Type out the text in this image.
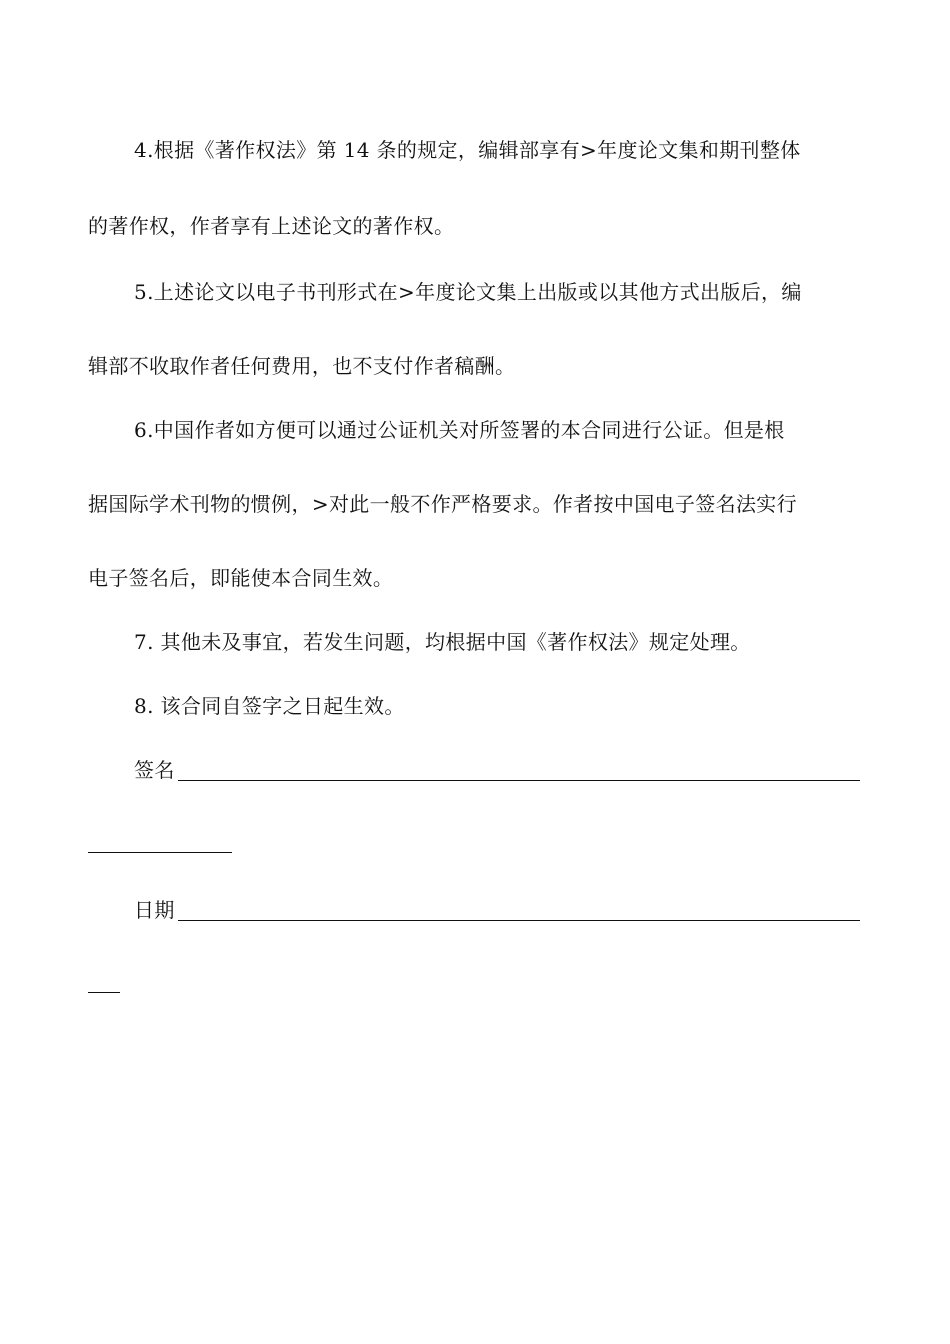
4.根据《著作权法》第 14 条的规定，编辑部享有>年度论文集和期刊整体
的著作权，作者享有上述论文的著作权。
5.上述论文以电子书刊形式在>年度论文集上出版或以其他方式出版后，编
辑部不收取作者任何费用，也不支付作者稿酬。
6.中国作者如方便可以通过公证机关对所签署的本合同进行公证。但是根
据国际学术刊物的惯例，>对此一般不作严格要求。作者按中国电子签名法实行
电子签名后，即能使本合同生效。
7. 其他未及事宜，若发生问题，均根据中国《著作权法》规定处理。
8. 该合同自签字之日起生效。
签名
日期
